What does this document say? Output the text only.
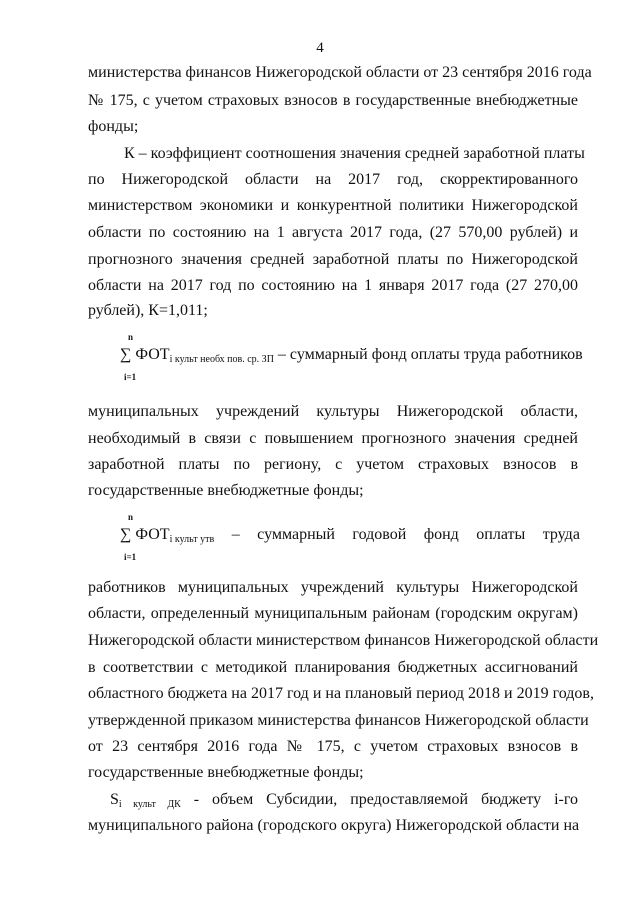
4
министерства финансов Нижегородской области от 23 сентября 2016 года
№ 175, с учетом страховых взносов в государственные внебюджетные
фонды;
К – коэффициент соотношения значения средней заработной платы
по Нижегородской области на 2017 год, скорректированного
министерством экономики и конкурентной политики Нижегородской
области по состоянию на 1 августа 2017 года, (27 570,00 рублей) и
прогнозного значения средней заработной платы по Нижегородской
области на 2017 год по состоянию на 1 января 2017 года (27 270,00
рублей), К=1,011;
n
∑ ФОТi культ необх пов. ср. ЗП – суммарный фонд оплаты труда работников
i=1
муниципальных учреждений культуры Нижегородской области,
необходимый в связи с повышением прогнозного значения средней
заработной платы по региону, с учетом страховых взносов в
государственные внебюджетные фонды;
n
∑ ФОТi культ утв – суммарный годовой фонд оплаты труда
i=1
работников муниципальных учреждений культуры Нижегородской
области, определенный муниципальным районам (городским округам)
Нижегородской области министерством финансов Нижегородской области
в соответствии с методикой планирования бюджетных ассигнований
областного бюджета на 2017 год и на плановый период 2018 и 2019 годов,
утвержденной приказом министерства финансов Нижегородской области
от 23 сентября 2016 года № 175, с учетом страховых взносов в
государственные внебюджетные фонды;
Si культ ДК - объем Субсидии, предоставляемой бюджету i-го
муниципального района (городского округа) Нижегородской области на
